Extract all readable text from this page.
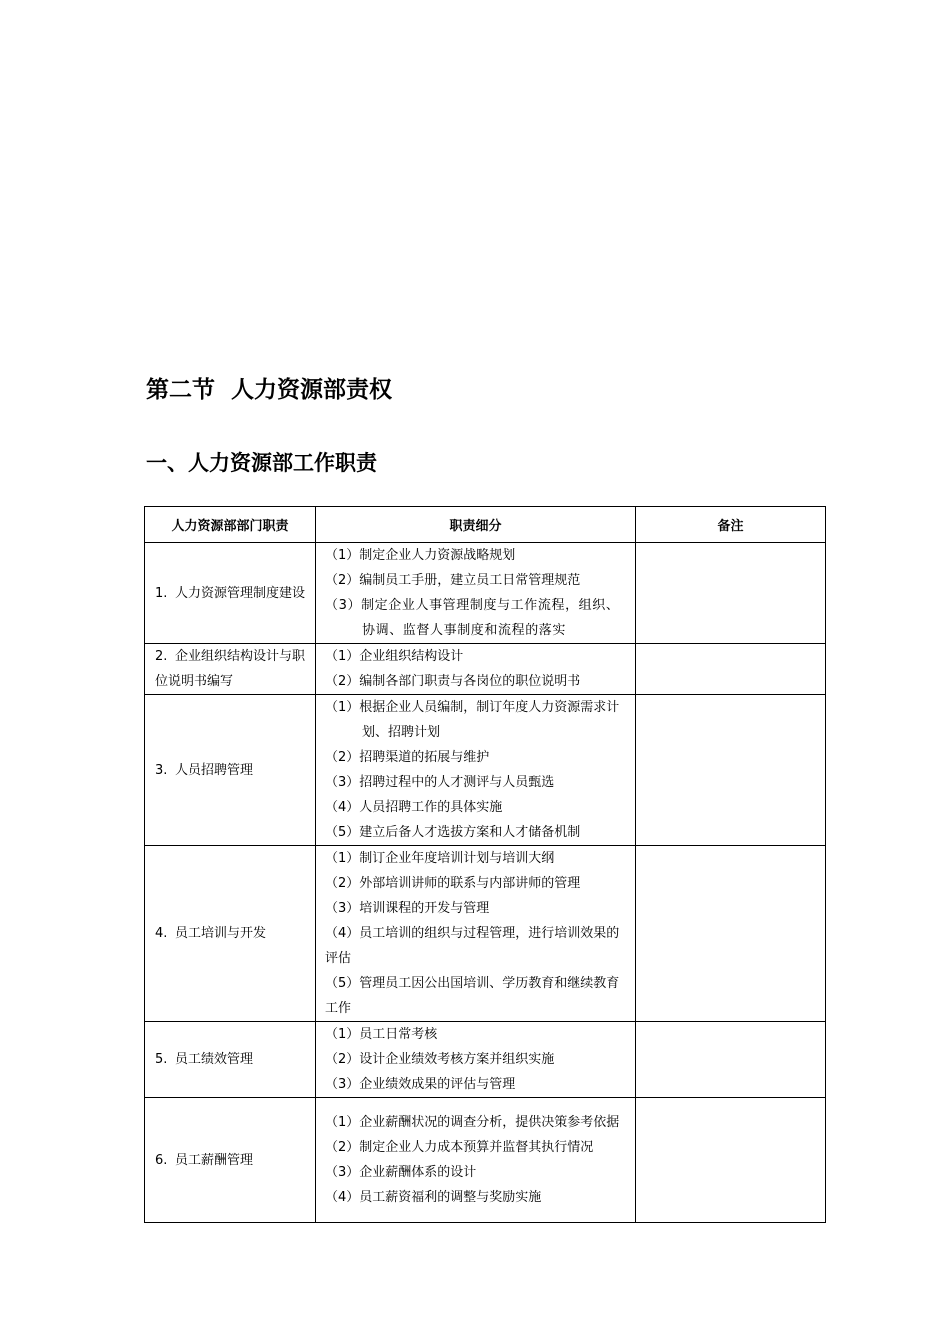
第二节  人力资源部责权
一、人力资源部工作职责
人力资源部部门职责	职责细分	备注

1. 人力资源管理制度建设	（1）制定企业人力资源战略规划
（2）编制员工手册，建立员工日常管理规范
（3）制定企业人事管理制度与工作流程，组织、协调、监督人事制度和流程的落实	

2. 企业组织结构设计与职位说明书编写	（1）企业组织结构设计
（2）编制各部门职责与各岗位的职位说明书	

3. 人员招聘管理	（1）根据企业人员编制，制订年度人力资源需求计划、招聘计划
（2）招聘渠道的拓展与维护
（3）招聘过程中的人才测评与人员甄选
（4）人员招聘工作的具体实施
（5）建立后备人才选拔方案和人才储备机制	

4. 员工培训与开发	（1）制订企业年度培训计划与培训大纲
（2）外部培训讲师的联系与内部讲师的管理
（3）培训课程的开发与管理
（4）员工培训的组织与过程管理，进行培训效果的评估
（5）管理员工因公出国培训、学历教育和继续教育工作	

5. 员工绩效管理	（1）员工日常考核
（2）设计企业绩效考核方案并组织实施
（3）企业绩效成果的评估与管理	

6. 员工薪酬管理	（1）企业薪酬状况的调查分析，提供决策参考依据
（2）制定企业人力成本预算并监督其执行情况
（3）企业薪酬体系的设计
（4）员工薪资福利的调整与奖励实施	
